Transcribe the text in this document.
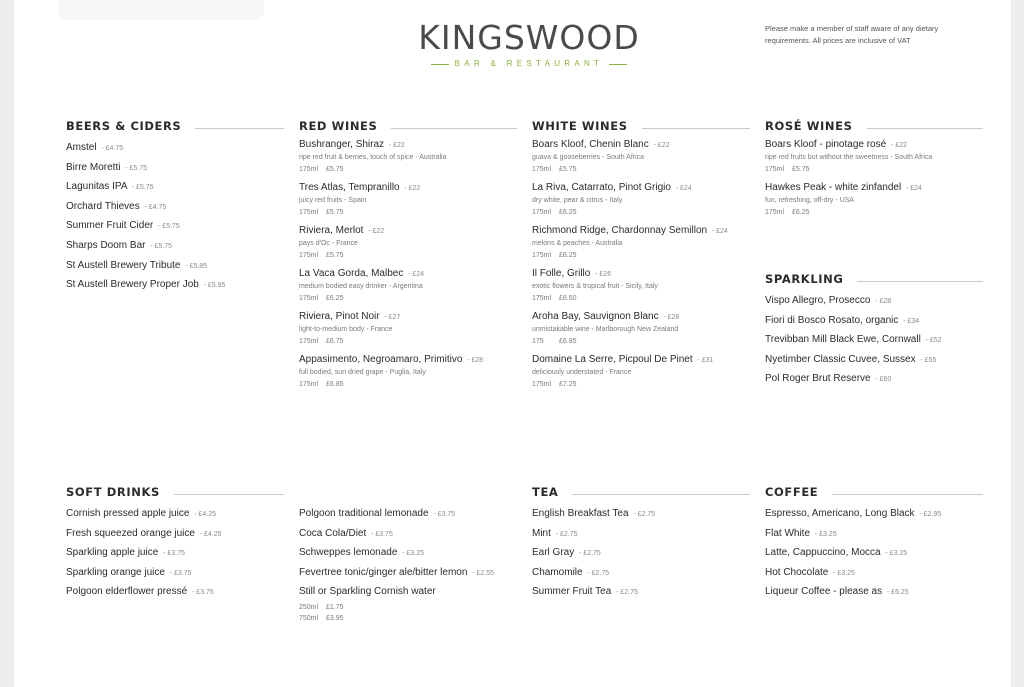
KINGSWOOD
BAR & RESTAURANT
Please make a member of staff aware of any dietary requirements. All prices are inclusive of VAT
BEERS & CIDERS
Amstel - £4.75
Birre Moretti - £5.75
Lagunitas IPA - £5.75
Orchard Thieves - £4.75
Summer Fruit Cider - £5.75
Sharps Doom Bar - £5.75
St Austell Brewery Tribute - £5.85
St Austell Brewery Proper Job - £5.95
RED WINES
Bushranger, Shiraz - £22
ripe red fruit & berries, touch of spice - Australia
175ml £5.75
Tres Atlas, Tempranillo - £22
juicy red fruits - Spain
175ml £5.75
Riviera, Merlot - £22
pays d'Oc - France
175ml £5.75
La Vaca Gorda, Malbec - £24
medium bodied easy drinker - Argentina
175ml £6.25
Riviera, Pinot Noir - £27
light-to-medium body - France
175ml £6.75
Appasimento, Negroamaro, Primitivo - £28
full bodied, sun dried grape - Puglia, Italy
175ml £6.85
WHITE WINES
Boars Kloof, Chenin Blanc - £22
guava & gooseberries - South Africa
175ml £5.75
La Riva, Catarrato, Pinot Grigio - £24
dry white, pear & citrus - Italy
175ml £6.25
Richmond Ridge, Chardonnay Semillon - £24
melons & peaches - Australia
175ml £6.25
Il Folle, Grillo - £26
exotic flowers & tropical fruit - Sicily, Italy
175ml £6.50
Aroha Bay, Sauvignon Blanc - £28
unmistakable wine - Marlborough New Zealand
175 £6.85
Domaine La Serre, Picpoul De Pinet - £31
deliciously understated - France
175ml £7.25
ROSÉ WINES
Boars Kloof - pinotage rosé - £22
ripe red fruits but without the sweetness - South Africa
175ml £5.75
Hawkes Peak - white zinfandel - £24
fun, refreshing, off-dry - USA
175ml £6.25
SPARKLING
Vispo Allegro, Prosecco - £28
Fiori di Bosco Rosato, organic - £34
Trevibban Mill Black Ewe, Cornwall - £52
Nyetimber Classic Cuvee, Sussex - £55
Pol Roger Brut Reserve - £60
SOFT DRINKS
Cornish pressed apple juice - £4.25
Fresh squeezed orange juice - £4.25
Sparkling apple juice - £3.75
Sparkling orange juice - £3.75
Polgoon elderflower pressé - £3.75
Polgoon traditional lemonade - £3.75
Coca Cola/Diet - £3.75
Schweppes lemonade - £3.25
Fevertree tonic/ginger ale/bitter lemon - £2.55
Still or Sparkling Cornish water
250ml £1.75
750ml £3.95
TEA
English Breakfast Tea - £2.75
Mint - £2.75
Earl Gray - £2.75
Chamomile - £2.75
Summer Fruit Tea - £2.75
COFFEE
Espresso, Americano, Long Black - £2.95
Flat White - £3.25
Latte, Cappuccino, Mocca - £3.25
Hot Chocolate - £3.25
Liqueur Coffee - please as - £6.25
